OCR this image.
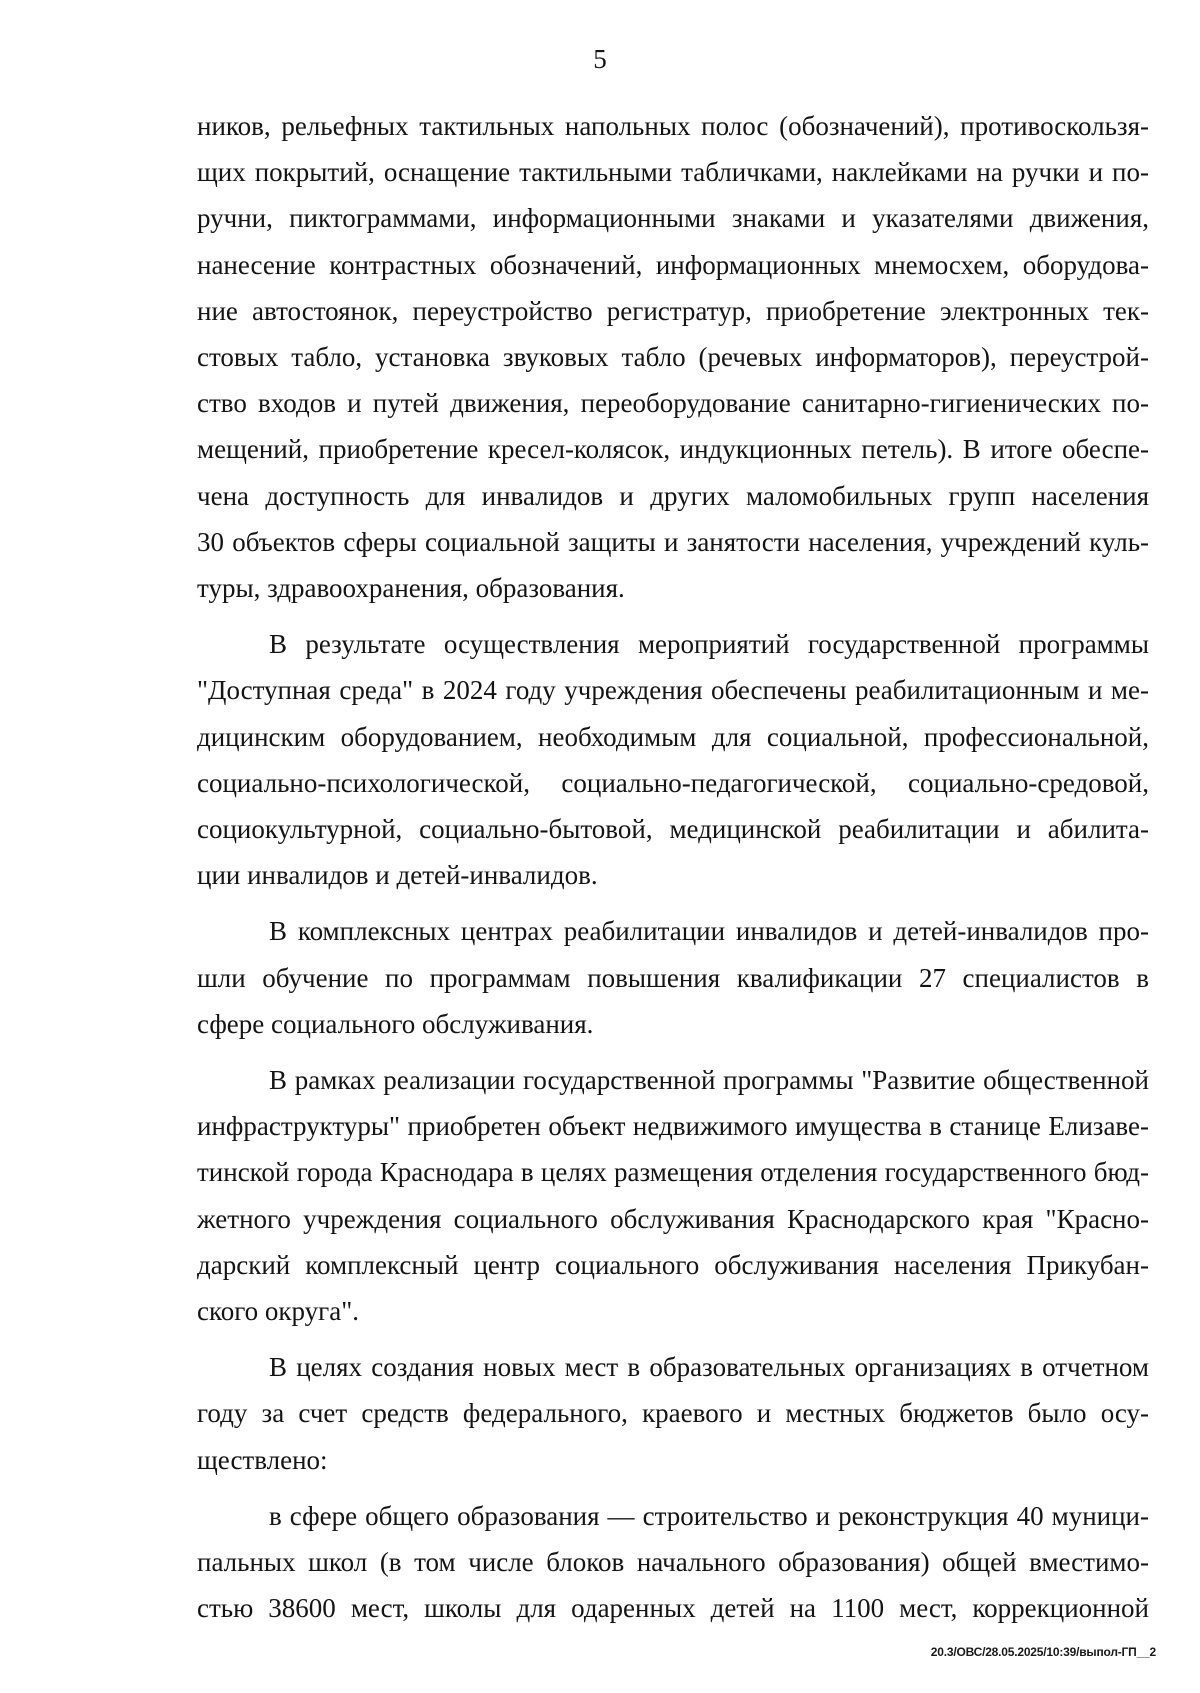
5

ников, рельефных тактильных напольных полос (обозначений), противоскользя-
щих покрытий, оснащение тактильными табличками, наклейками на ручки и по-
ручни, пиктограммами, информационными знаками и указателями движения,
нанесение контрастных обозначений, информационных мнемосхем, оборудова-
ние автостоянок, переустройство регистратур, приобретение электронных тек-
стовых табло, установка звуковых табло (речевых информаторов), переустрой-
ство входов и путей движения, переоборудование санитарно-гигиенических по-
мещений, приобретение кресел-колясок, индукционных петель). В итоге обеспе-
чена доступность для инвалидов и других маломобильных групп населения
30 объектов сферы социальной защиты и занятости населения, учреждений куль-
туры, здравоохранения, образования.

В результате осуществления мероприятий государственной программы
"Доступная среда" в 2024 году учреждения обеспечены реабилитационным и ме-
дицинским оборудованием, необходимым для социальной, профессиональной,
социально-психологической, социально-педагогической, социально-средовой,
социокультурной, социально-бытовой, медицинской реабилитации и абилита-
ции инвалидов и детей-инвалидов.

В комплексных центрах реабилитации инвалидов и детей-инвалидов про-
шли обучение по программам повышения квалификации 27 специалистов в
сфере социального обслуживания.

В рамках реализации государственной программы "Развитие общественной
инфраструктуры" приобретен объект недвижимого имущества в станице Елизаве-
тинской города Краснодара в целях размещения отделения государственного бюд-
жетного учреждения социального обслуживания Краснодарского края "Красно-
дарский комплексный центр социального обслуживания населения Прикубан-
ского округа".

В целях создания новых мест в образовательных организациях в отчетном
году за счет средств федерального, краевого и местных бюджетов было осу-
ществлено:

в сфере общего образования — строительство и реконструкция 40 муници-
пальных школ (в том числе блоков начального образования) общей вместимо-
стью 38600 мест, школы для одаренных детей на 1100 мест, коррекционной

20.3/ОВС/28.05.2025/10:39/выпол-ГП__2
